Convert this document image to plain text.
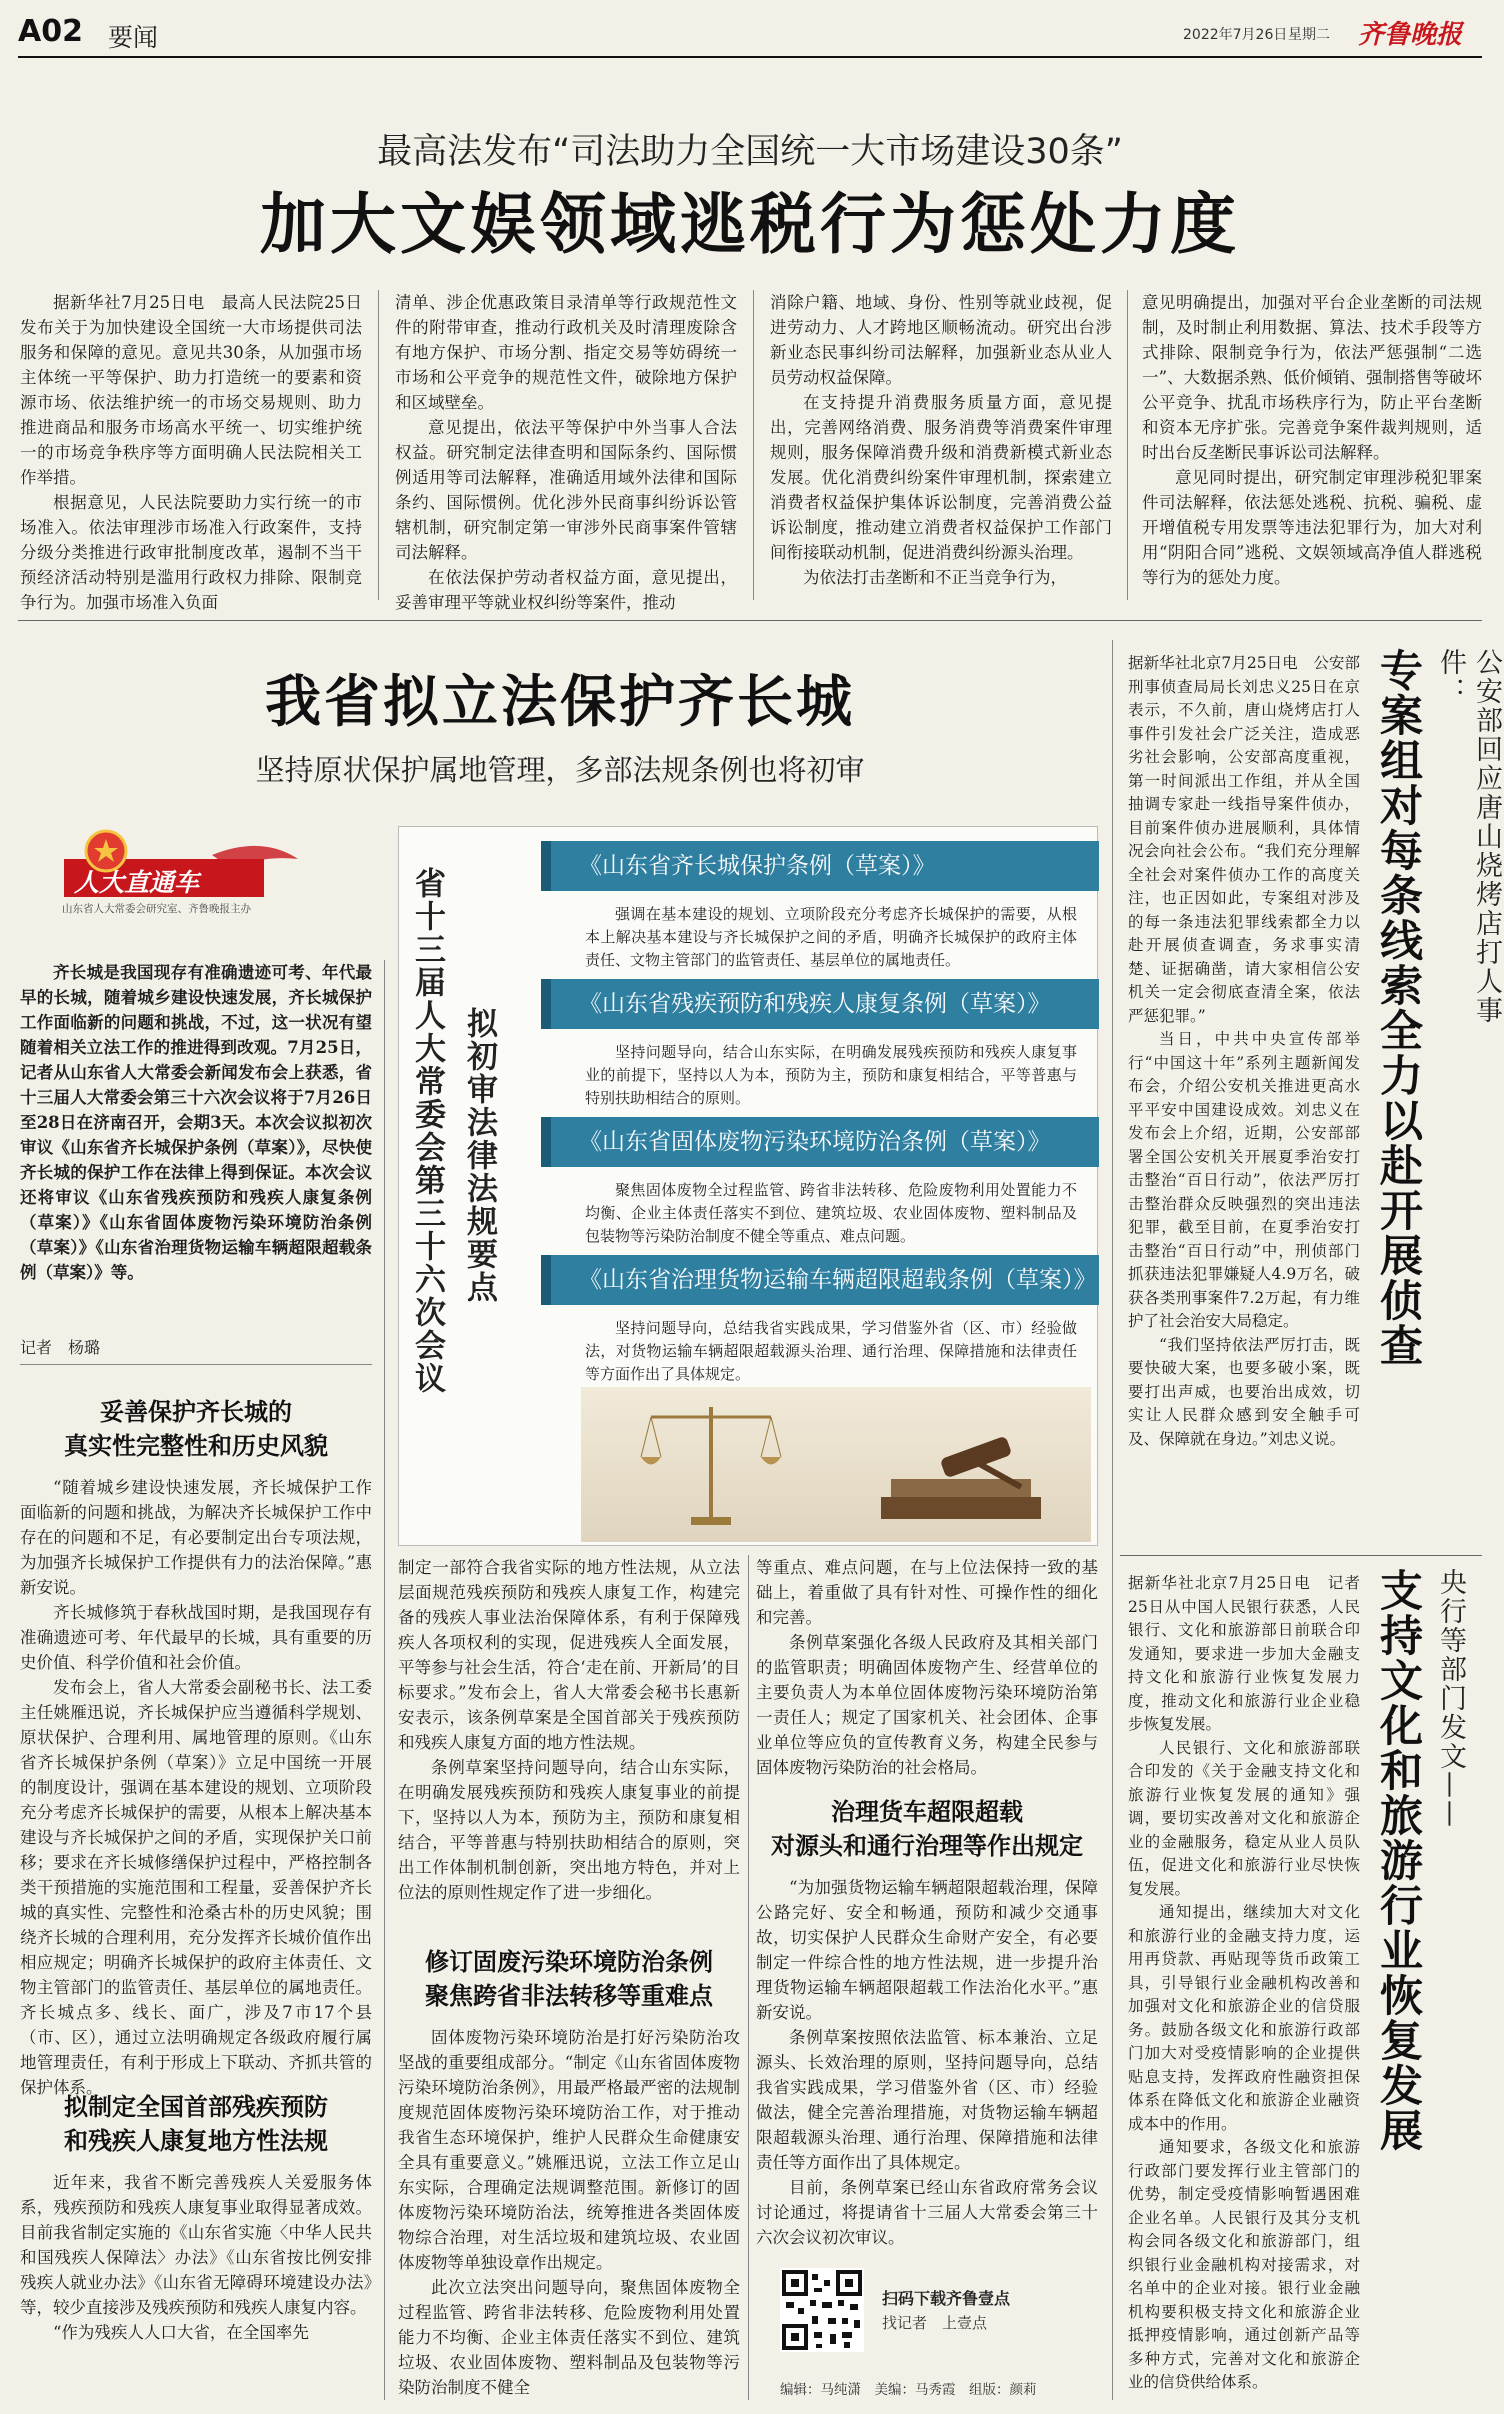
A02 要闻	2022年7月26日 星期二 齐鲁晚报
最高法发布“司法助力全国统一大市场建设30条”
加大文娱领域逃税行为惩处力度

据新华社7月25日电　最高人民法院25日发布关于为加快建设全国统一大市场提供司法服务和保障的意见。意见共30条，从加强市场主体统一平等保护、助力打造统一的要素和资源市场、依法维护统一的市场交易规则、助力推进商品和服务市场高水平统一、切实维护统一的市场竞争秩序等方面明确人民法院相关工作举措。

根据意见，人民法院要助力实行统一的市场准入。依法审理涉市场准入行政案件，支持分级分类推进行政审批制度改革，遏制不当干预经济活动特别是滥用行政权力排除、限制竞争行为。加强市场准入负面

清单、涉企优惠政策目录清单等行政规范性文件的附带审查，推动行政机关及时清理废除含有地方保护、市场分割、指定交易等妨碍统一市场和公平竞争的规范性文件，破除地方保护和区域壁垒。

意见提出，依法平等保护中外当事人合法权益。研究制定法律查明和国际条约、国际惯例适用等司法解释，准确适用域外法律和国际条约、国际惯例。优化涉外民商事纠纷诉讼管辖机制，研究制定第一审涉外民商事案件管辖司法解释。

在依法保护劳动者权益方面，意见提出，妥善审理平等就业权纠纷等案件，推动

消除户籍、地域、身份、性别等就业歧视，促进劳动力、人才跨地区顺畅流动。研究出台涉新业态民事纠纷司法解释，加强新业态从业人员劳动权益保障。

在支持提升消费服务质量方面，意见提出，完善网络消费、服务消费等消费案件审理规则，服务保障消费升级和消费新模式新业态发展。优化消费纠纷案件审理机制，探索建立消费者权益保护集体诉讼制度，完善消费公益诉讼制度，推动建立消费者权益保护工作部门间衔接联动机制，促进消费纠纷源头治理。

为依法打击垄断和不正当竞争行为，

意见明确提出，加强对平台企业垄断的司法规制，及时制止利用数据、算法、技术手段等方式排除、限制竞争行为，依法严惩强制“二选一”、大数据杀熟、低价倾销、强制搭售等破坏公平竞争、扰乱市场秩序行为，防止平台垄断和资本无序扩张。完善竞争案件裁判规则，适时出台反垄断民事诉讼司法解释。

意见同时提出，研究制定审理涉税犯罪案件司法解释，依法惩处逃税、抗税、骗税、虚开增值税专用发票等违法犯罪行为，加大对利用“阴阳合同”逃税、文娱领域高净值人群逃税等行为的惩处力度。

我省拟立法保护齐长城
坚持原状保护属地管理，多部法规条例也将初审
人大直通车
山东省人大常委会研究室、齐鲁晚报主办

齐长城是我国现存有准确遗迹可考、年代最早的长城，随着城乡建设快速发展，齐长城保护工作面临新的问题和挑战，不过，这一状况有望随着相关立法工作的推进得到改观。7月25日，记者从山东省人大常委会新闻发布会上获悉，省十三届人大常委会第三十六次会议将于7月26日至28日在济南召开，会期3天。本次会议拟初次审议《山东省齐长城保护条例（草案）》，尽快使齐长城的保护工作在法律上得到保证。本次会议还将审议《山东省残疾预防和残疾人康复条例（草案）》《山东省固体废物污染环境防治条例（草案）》《山东省治理货物运输车辆超限超载条例（草案）》等。

记者　杨璐
妥善保护齐长城的
真实性完整性和历史风貌

“随着城乡建设快速发展，齐长城保护工作面临新的问题和挑战，为解决齐长城保护工作中存在的问题和不足，有必要制定出台专项法规，为加强齐长城保护工作提供有力的法治保障。”惠新安说。

齐长城修筑于春秋战国时期，是我国现存有准确遗迹可考、年代最早的长城，具有重要的历史价值、科学价值和社会价值。

发布会上，省人大常委会副秘书长、法工委主任姚雁迅说，齐长城保护应当遵循科学规划、原状保护、合理利用、属地管理的原则。《山东省齐长城保护条例（草案）》立足中国统一开展的制度设计，强调在基本建设的规划、立项阶段充分考虑齐长城保护的需要，从根本上解决基本建设与齐长城保护之间的矛盾，实现保护关口前移；要求在齐长城修缮保护过程中，严格控制各类干预措施的实施范围和工程量，妥善保护齐长城的真实性、完整性和沧桑古朴的历史风貌；围绕齐长城的合理利用，充分发挥齐长城价值作出相应规定；明确齐长城保护的政府主体责任、文物主管部门的监管责任、基层单位的属地责任。齐长城点多、线长、面广，涉及7市17个县（市、区），通过立法明确规定各级政府履行属地管理责任，有利于形成上下联动、齐抓共管的保护体系。

拟制定全国首部残疾预防
和残疾人康复地方性法规

近年来，我省不断完善残疾人关爱服务体系，残疾预防和残疾人康复事业取得显著成效。目前我省制定实施的《山东省实施〈中华人民共和国残疾人保障法〉办法》《山东省按比例安排残疾人就业办法》《山东省无障碍环境建设办法》等，较少直接涉及残疾预防和残疾人康复内容。

“作为残疾人人口大省，在全国率先

省十三届人大常委会第三十六次会议 拟初审法律法规要点
《山东省齐长城保护条例（草案）》
强调在基本建设的规划、立项阶段充分考虑齐长城保护的需要，从根本上解决基本建设与齐长城保护之间的矛盾，明确齐长城保护的政府主体责任、文物主管部门的监管责任、基层单位的属地责任。
《山东省残疾预防和残疾人康复条例（草案）》
坚持问题导向，结合山东实际，在明确发展残疾预防和残疾人康复事业的前提下，坚持以人为本，预防为主，预防和康复相结合，平等普惠与特别扶助相结合的原则。
《山东省固体废物污染环境防治条例（草案）》
聚焦固体废物全过程监管、跨省非法转移、危险废物利用处置能力不均衡、企业主体责任落实不到位、建筑垃圾、农业固体废物、塑料制品及包装物等污染防治制度不健全等重点、难点问题。
《山东省治理货物运输车辆超限超载条例（草案）》
坚持问题导向，总结我省实践成果，学习借鉴外省（区、市）经验做法，对货物运输车辆超限超载源头治理、通行治理、保障措施和法律责任等方面作出了具体规定。

制定一部符合我省实际的地方性法规，从立法层面规范残疾预防和残疾人康复工作，构建完备的残疾人事业法治保障体系，有利于保障残疾人各项权利的实现，促进残疾人全面发展，平等参与社会生活，符合‘走在前、开新局’的目标要求。”发布会上，省人大常委会秘书长惠新安表示，该条例草案是全国首部关于残疾预防和残疾人康复方面的地方性法规。

条例草案坚持问题导向，结合山东实际，在明确发展残疾预防和残疾人康复事业的前提下，坚持以人为本，预防为主，预防和康复相结合，平等普惠与特别扶助相结合的原则，突出工作体制机制创新，突出地方特色，并对上位法的原则性规定作了进一步细化。

修订固废污染环境防治条例
聚焦跨省非法转移等重难点

固体废物污染环境防治是打好污染防治攻坚战的重要组成部分。“制定《山东省固体废物污染环境防治条例》，用最严格最严密的法规制度规范固体废物污染环境防治工作，对于推动我省生态环境保护，维护人民群众生命健康安全具有重要意义。”姚雁迅说，立法工作立足山东实际，合理确定法规调整范围。新修订的固体废物污染环境防治法，统筹推进各类固体废物综合治理，对生活垃圾和建筑垃圾、农业固体废物等单独设章作出规定。

此次立法突出问题导向，聚焦固体废物全过程监管、跨省非法转移、危险废物利用处置能力不均衡、企业主体责任落实不到位、建筑垃圾、农业固体废物、塑料制品及包装物等污染防治制度不健全

等重点、难点问题，在与上位法保持一致的基础上，着重做了具有针对性、可操作性的细化和完善。

条例草案强化各级人民政府及其相关部门的监管职责；明确固体废物产生、经营单位的主要负责人为本单位固体废物污染环境防治第一责任人；规定了国家机关、社会团体、企事业单位等应负的宣传教育义务，构建全民参与固体废物污染防治的社会格局。

治理货车超限超载
对源头和通行治理等作出规定

“为加强货物运输车辆超限超载治理，保障公路完好、安全和畅通，预防和减少交通事故，切实保护人民群众生命财产安全，有必要制定一件综合性的地方性法规，进一步提升治理货物运输车辆超限超载工作法治化水平。”惠新安说。

条例草案按照依法监管、标本兼治、立足源头、长效治理的原则，坚持问题导向，总结我省实践成果，学习借鉴外省（区、市）经验做法，健全完善治理措施，对货物运输车辆超限超载源头治理、通行治理、保障措施和法律责任等方面作出了具体规定。

目前，条例草案已经山东省政府常务会议讨论通过，将提请省十三届人大常委会第三十六次会议初次审议。

扫码下载齐鲁壹点
找记者　上壹点
编辑：马纯潇　美编：马秀霞　组版：颜莉
公安部回应唐山烧烤店打人事件：
专案组对每条线索全力以赴开展侦查

据新华社北京7月25日电　公安部刑事侦查局局长刘忠义25日在京表示，不久前，唐山烧烤店打人事件引发社会广泛关注，造成恶劣社会影响，公安部高度重视，第一时间派出工作组，并从全国抽调专家赴一线指导案件侦办，目前案件侦办进展顺利，具体情况会向社会公布。“我们充分理解全社会对案件侦办工作的高度关注，也正因如此，专案组对涉及的每一条违法犯罪线索都全力以赴开展侦查调查，务求事实清楚、证据确凿，请大家相信公安机关一定会彻底查清全案，依法严惩犯罪。”

当日，中共中央宣传部举行“中国这十年”系列主题新闻发布会，介绍公安机关推进更高水平平安中国建设成效。刘忠义在发布会上介绍，近期，公安部部署全国公安机关开展夏季治安打击整治“百日行动”，依法严厉打击整治群众反映强烈的突出违法犯罪，截至目前，在夏季治安打击整治“百日行动”中，刑侦部门抓获违法犯罪嫌疑人4.9万名，破获各类刑事案件7.2万起，有力维护了社会治安大局稳定。

“我们坚持依法严厉打击，既要快破大案，也要多破小案，既要打出声威，也要治出成效，切实让人民群众感到安全触手可及、保障就在身边。”刘忠义说。

央行等部门发文——
支持文化和旅游行业恢复发展

据新华社北京7月25日电　记者25日从中国人民银行获悉，人民银行、文化和旅游部日前联合印发通知，要求进一步加大金融支持文化和旅游行业恢复发展力度，推动文化和旅游行业企业稳步恢复发展。

人民银行、文化和旅游部联合印发的《关于金融支持文化和旅游行业恢复发展的通知》强调，要切实改善对文化和旅游企业的金融服务，稳定从业人员队伍，促进文化和旅游行业尽快恢复发展。

通知提出，继续加大对文化和旅游行业的金融支持力度，运用再贷款、再贴现等货币政策工具，引导银行业金融机构改善和加强对文化和旅游企业的信贷服务。鼓励各级文化和旅游行政部门加大对受疫情影响的企业提供贴息支持，发挥政府性融资担保体系在降低文化和旅游企业融资成本中的作用。

通知要求，各级文化和旅游行政部门要发挥行业主管部门的优势，制定受疫情影响暂遇困难企业名单。人民银行及其分支机构会同各级文化和旅游部门，组织银行业金融机构对接需求，对名单中的企业对接。银行业金融机构要积极支持文化和旅游企业抵押疫情影响，通过创新产品等多种方式，完善对文化和旅游企业的信贷供给体系。
